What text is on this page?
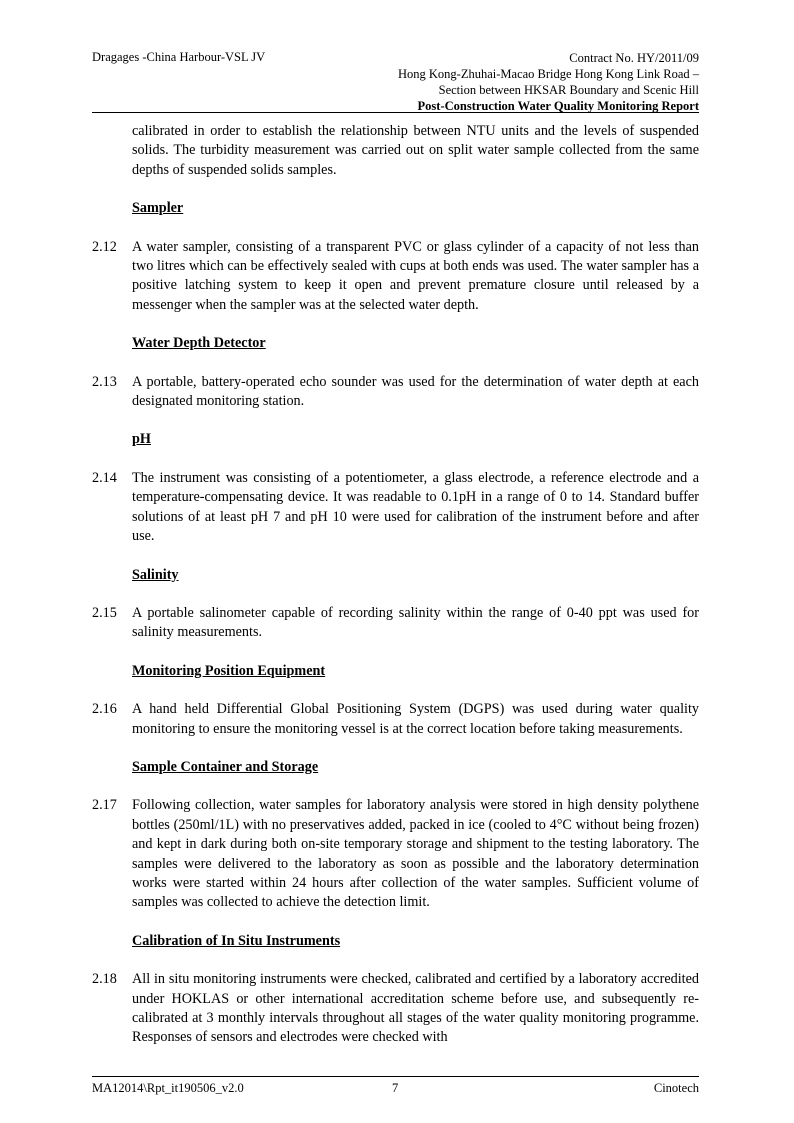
Dragages -China Harbour-VSL JV	Contract No. HY/2011/09
Hong Kong-Zhuhai-Macao Bridge Hong Kong Link Road –
Section between HKSAR Boundary and Scenic Hill
Post-Construction Water Quality Monitoring Report
calibrated in order to establish the relationship between NTU units and the levels of suspended solids. The turbidity measurement was carried out on split water sample collected from the same depths of suspended solids samples.
Sampler
2.12	A water sampler, consisting of a transparent PVC or glass cylinder of a capacity of not less than two litres which can be effectively sealed with cups at both ends was used. The water sampler has a positive latching system to keep it open and prevent premature closure until released by a messenger when the sampler was at the selected water depth.
Water Depth Detector
2.13	A portable, battery-operated echo sounder was used for the determination of water depth at each designated monitoring station.
pH
2.14	The instrument was consisting of a potentiometer, a glass electrode, a reference electrode and a temperature-compensating device. It was readable to 0.1pH in a range of 0 to 14. Standard buffer solutions of at least pH 7 and pH 10 were used for calibration of the instrument before and after use.
Salinity
2.15	A portable salinometer capable of recording salinity within the range of 0-40 ppt was used for salinity measurements.
Monitoring Position Equipment
2.16	A hand held Differential Global Positioning System (DGPS) was used during water quality monitoring to ensure the monitoring vessel is at the correct location before taking measurements.
Sample Container and Storage
2.17	Following collection, water samples for laboratory analysis were stored in high density polythene bottles (250ml/1L) with no preservatives added, packed in ice (cooled to 4°C without being frozen) and kept in dark during both on-site temporary storage and shipment to the testing laboratory. The samples were delivered to the laboratory as soon as possible and the laboratory determination works were started within 24 hours after collection of the water samples. Sufficient volume of samples was collected to achieve the detection limit.
Calibration of In Situ Instruments
2.18	All in situ monitoring instruments were checked, calibrated and certified by a laboratory accredited under HOKLAS or other international accreditation scheme before use, and subsequently re-calibrated at 3 monthly intervals throughout all stages of the water quality monitoring programme. Responses of sensors and electrodes were checked with
MA12014\Rpt_it190506_v2.0	7	Cinotech
